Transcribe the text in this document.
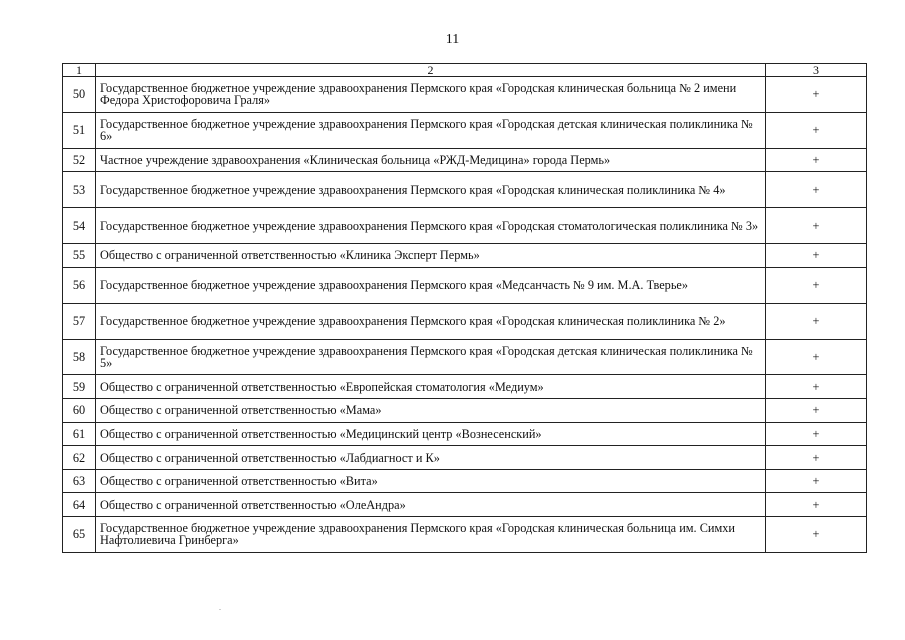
11
1	2	3
50	Государственное бюджетное учреждение здравоохранения Пермского края «Городская клиническая больница № 2 имени Федора Христофоровича Граля»	+
51	Государственное бюджетное учреждение здравоохранения Пермского края «Городская детская клиническая поликлиника № 6»	+
52	Частное учреждение здравоохранения «Клиническая больница «РЖД-Медицина» города Пермь»	+
53	Государственное бюджетное учреждение здравоохранения Пермского края «Городская клиническая поликлиника № 4»	+
54	Государственное бюджетное учреждение здравоохранения Пермского края «Городская стоматологическая поликлиника № 3»	+
55	Общество с ограниченной ответственностью «Клиника Эксперт Пермь»	+
56	Государственное бюджетное учреждение здравоохранения Пермского края «Медсанчасть № 9 им. М.А. Тверье»	+
57	Государственное бюджетное учреждение здравоохранения Пермского края «Городская клиническая поликлиника № 2»	+
58	Государственное бюджетное учреждение здравоохранения Пермского края «Городская детская клиническая поликлиника № 5»	+
59	Общество с ограниченной ответственностью «Европейская стоматология «Медиум»	+
60	Общество с ограниченной ответственностью «Мама»	+
61	Общество с ограниченной ответственностью «Медицинский центр «Вознесенский»	+
62	Общество с ограниченной ответственностью «Лабдиагност и К»	+
63	Общество с ограниченной ответственностью «Вита»	+
64	Общество с ограниченной ответственностью «ОлеАндра»	+
65	Государственное бюджетное учреждение здравоохранения Пермского края «Городская клиническая больница им. Симхи Нафтолиевича Гринберга»	+
